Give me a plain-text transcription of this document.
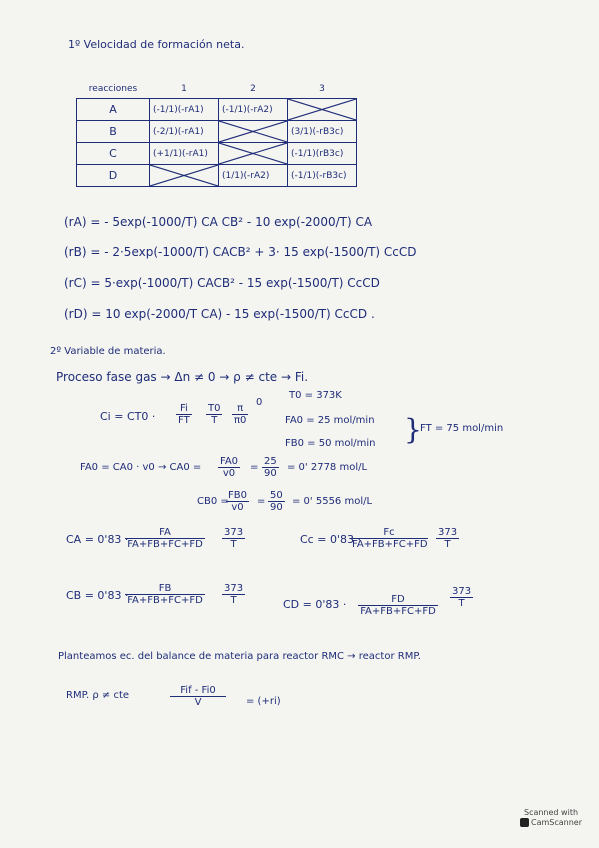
1º Velocidad de formación neta.
reacciones	1	2	3
A	(-1/1)(-rA1)	(-1/1)(-rA2)	

B	(-2/1)(-rA1)		(3/1)(-rB3c)
C	(+1/1)(-rA1)		(-1/1)(rB3c)
D		(1/1)(-rA2)	(-1/1)(-rB3c)
(rA) = - 5exp(-1000/T) CA CB² - 10 exp(-2000/T) CA
(rB) = - 2·5exp(-1000/T) CACB² + 3· 15 exp(-1500/T) CcCD
(rC) = 5·exp(-1000/T) CACB² - 15 exp(-1500/T) CcCD
(rD) = 10 exp(-2000/T CA) - 15 exp(-1500/T) CcCD .
2º Variable de materia.
Proceso fase gas → Δn ≠ 0 → ρ ≠ cte → Fi.
$Ci = CT0 \cdot \frac{Fi}{FT} \frac{T0}{T} \frac{\pi}{\pi 0}$
0
T0 = 373K
FA0 = 25 mol/min
FB0 = 50 mol/min }
FT = 75 mol/min
$FA0 = CA0 \cdot v0 \to CA0 = \frac{FA0}{v0} = \frac{25}{90} = 0'$ 2778 mol/L
CB0 =
$\frac{FB0}{v0} = \frac{50}{90} = 0'$ 5556 mol/L
CA = 0'83 ·
$\frac{FA}{FA+FB+FC+FD} \frac{373}{T}$	Cc = 0'83 ·
$\frac{Fc}{FA+FB+FC+FD} \frac{373}{T}$
CB = 0'83 ·
$\frac{FB}{FA+FB+FC+FD} \frac{373}{T}$	CD = $0'83 \cdot \frac{FD}{FA+FB+FC+FD} \frac{373}{T}$
Planteamos ec. del balance de materia para reactor RMC → reactor RMP.
RMP. ρ ≠ cte	Fif - Fi0
V	= (+ri)
Scanned with
CamScanner
